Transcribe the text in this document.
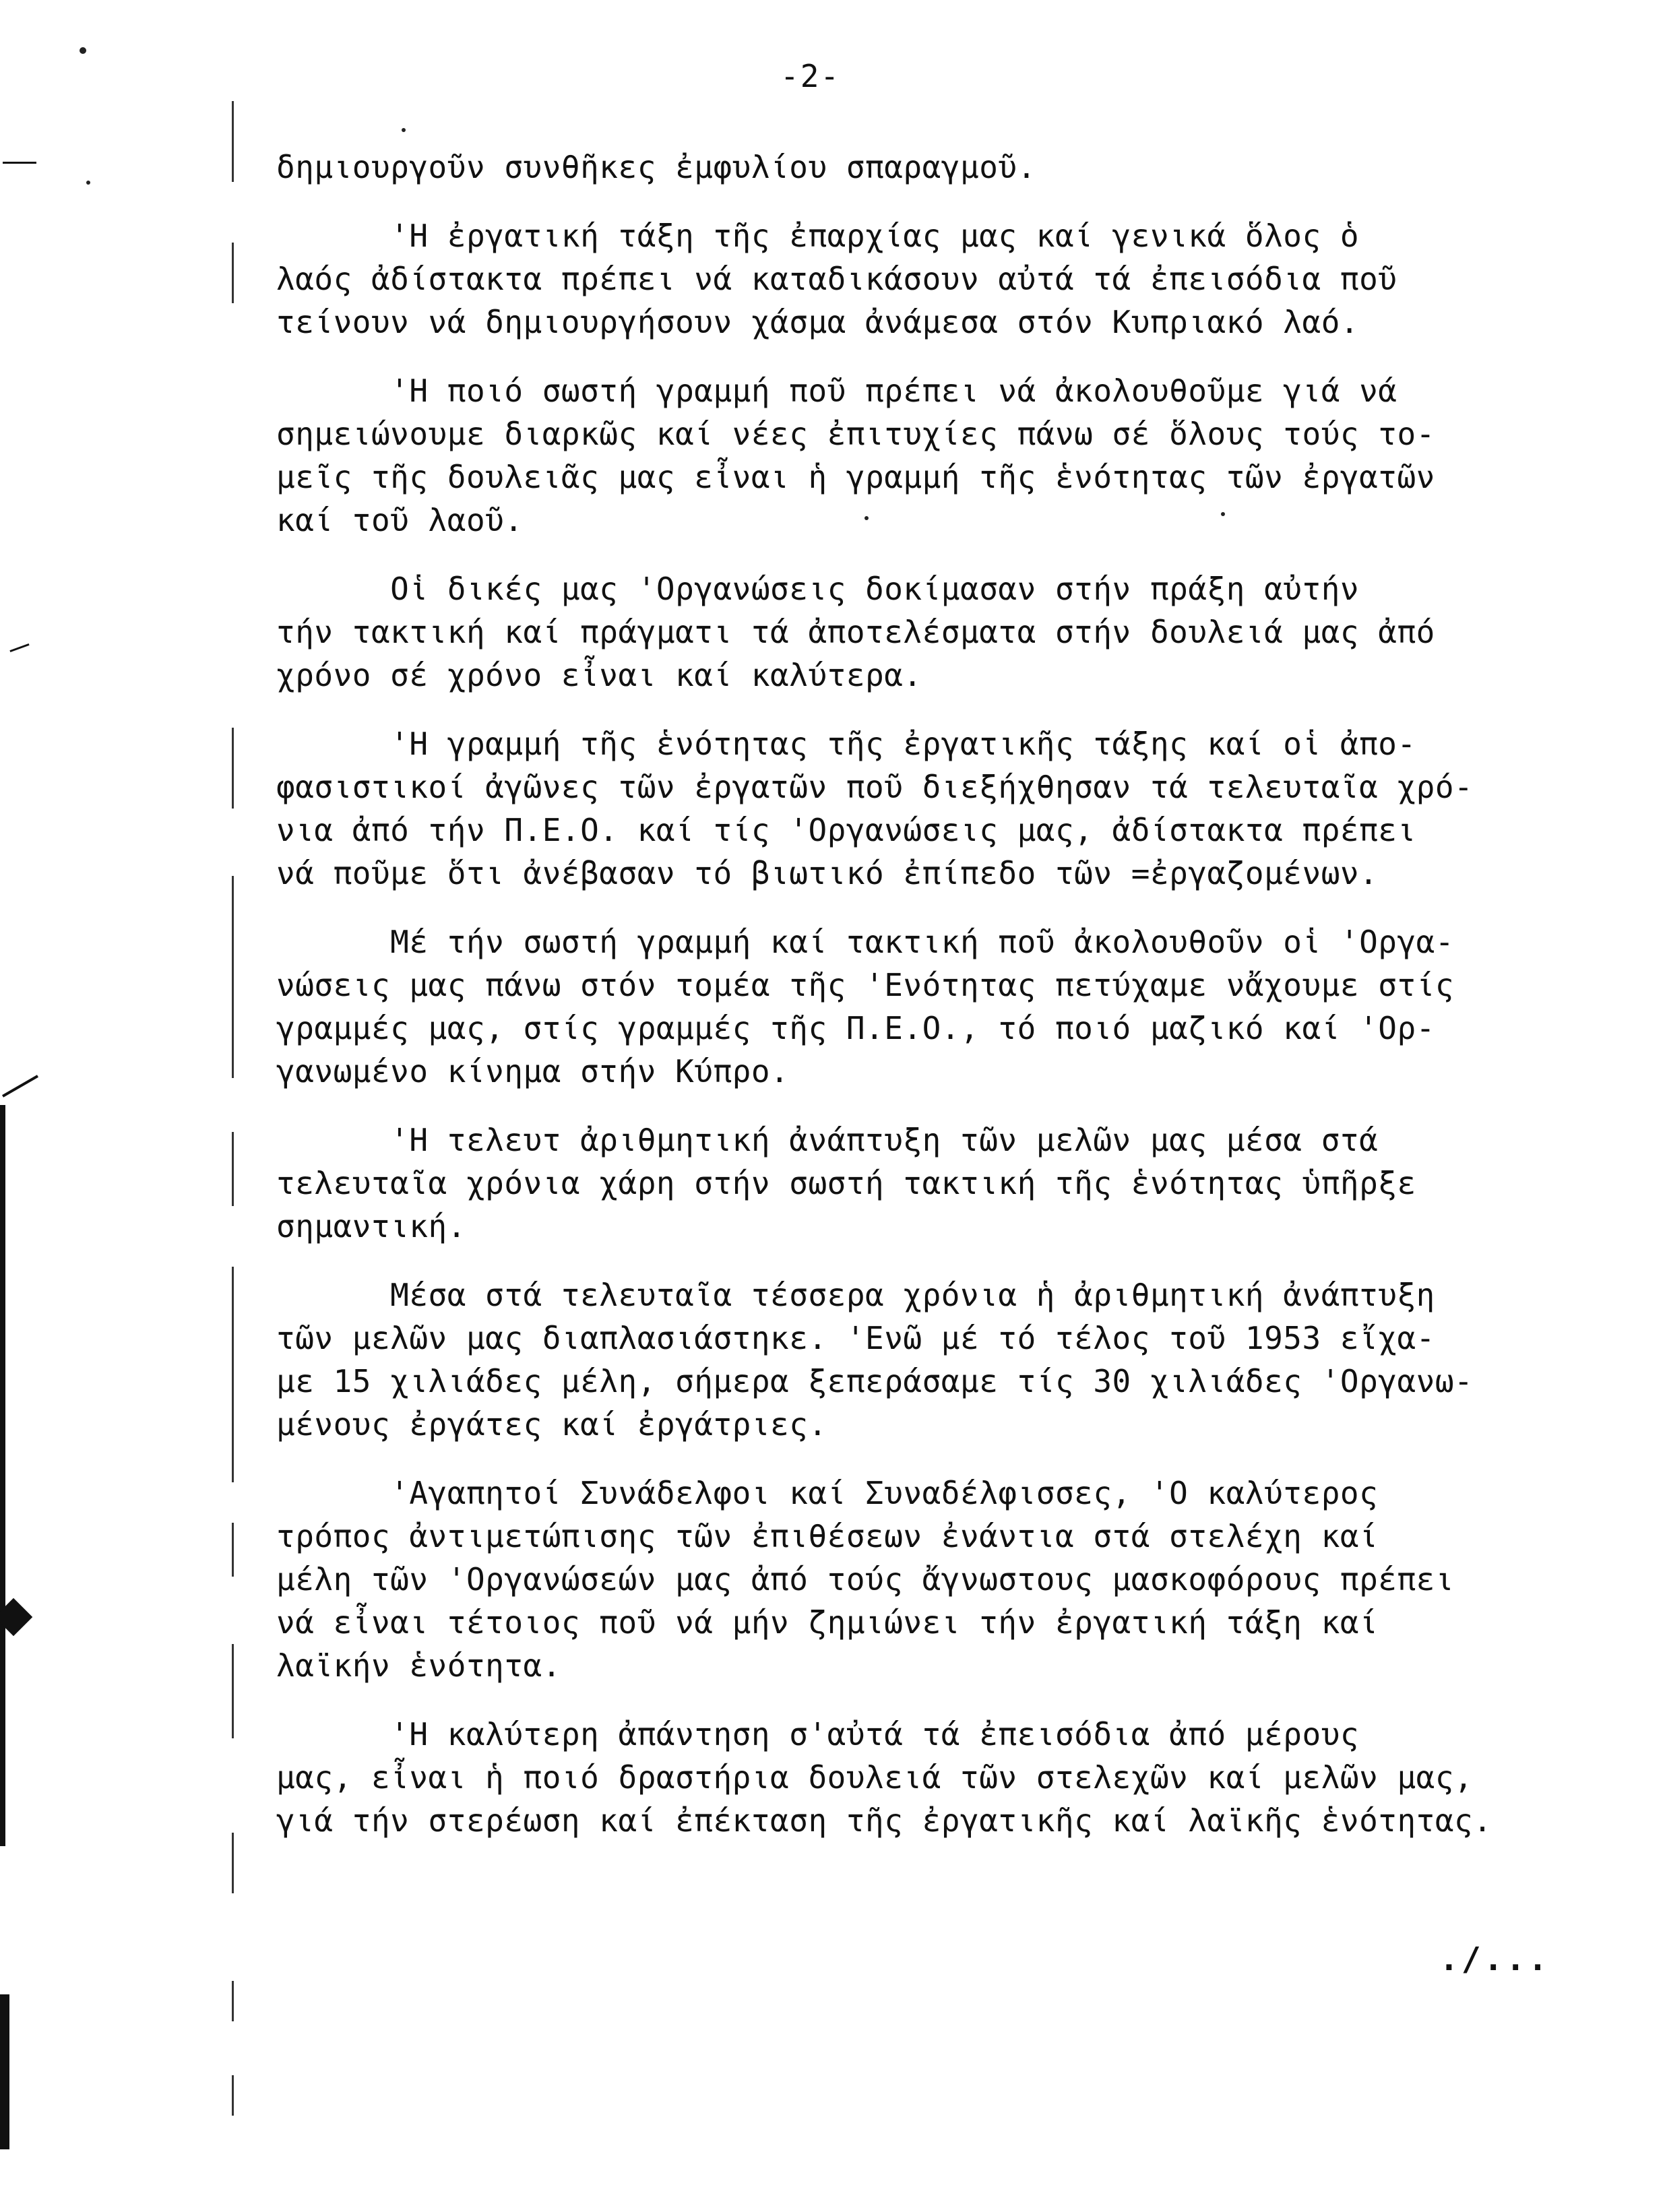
-2-
δημιουργοῦν συνθῆκες ἐμφυλίου σπαραγμοῦ.
'Η ἐργατική τάξη τῆς ἐπαρχίας μας καί γενικά ὅλος ὁ
λαός ἀδίστακτα πρέπει νά καταδικάσουν αὐτά τά ἐπεισόδια ποῦ
τείνουν νά δημιουργήσουν χάσμα ἀνάμεσα στόν Κυπριακό λαό.
'Η ποιό σωστή γραμμή ποῦ πρέπει νά ἀκολουθοῦμε γιά νά
σημειώνουμε διαρκῶς καί νέες ἐπιτυχίες πάνω σέ ὅλους τούς το-
μεῖς τῆς δουλειᾶς μας εἶναι ἡ γραμμή τῆς ἑνότητας τῶν ἐργατῶν
καί τοῦ λαοῦ.
Οἱ δικές μας 'Οργανώσεις δοκίμασαν στήν πράξη αὐτήν
τήν τακτική καί πράγματι τά ἀποτελέσματα στήν δουλειά μας ἀπό
χρόνο σέ χρόνο εἶναι καί καλύτερα.
'Η γραμμή τῆς ἑνότητας τῆς ἐργατικῆς τάξης καί οἱ ἀπο-
φασιστικοί ἀγῶνες τῶν ἐργατῶν ποῦ διεξήχθησαν τά τελευταῖα χρό-
νια ἀπό τήν Π.Ε.Ο. καί τίς 'Οργανώσεις μας, ἀδίστακτα πρέπει
νά ποῦμε ὅτι ἀνέβασαν τό βιωτικό ἐπίπεδο τῶν =ἐργαζομένων.
Μέ τήν σωστή γραμμή καί τακτική ποῦ ἀκολουθοῦν οἱ 'Οργα-
νώσεις μας πάνω στόν τομέα τῆς 'Ενότητας πετύχαμε νἄχουμε στίς
γραμμές μας, στίς γραμμές τῆς Π.Ε.Ο., τό ποιό μαζικό καί 'Ορ-
γανωμένο κίνημα στήν Κύπρο.
'Η τελευτ ἀριθμητική ἀνάπτυξη τῶν μελῶν μας μέσα στά
τελευταῖα χρόνια χάρη στήν σωστή τακτική τῆς ἑνότητας ὑπῆρξε
σημαντική.
Μέσα στά τελευταῖα τέσσερα χρόνια ἡ ἀριθμητική ἀνάπτυξη
τῶν μελῶν μας διαπλασιάστηκε. 'Ενῶ μέ τό τέλος τοῦ 1953 εἴχα-
με 15 χιλιάδες μέλη, σήμερα ξεπεράσαμε τίς 30 χιλιάδες 'Οργανω-
μένους ἐργάτες καί ἐργάτριες.
'Αγαπητοί Συνάδελφοι καί Συναδέλφισσες, 'Ο καλύτερος
τρόπος ἀντιμετώπισης τῶν ἐπιθέσεων ἐνάντια στά στελέχη καί
μέλη τῶν 'Οργανώσεών μας ἀπό τούς ἄγνωστους μασκοφόρους πρέπει
νά εἶναι τέτοιος ποῦ νά μήν ζημιώνει τήν ἐργατική τάξη καί
λαϊκήν ἑνότητα.
'Η καλύτερη ἀπάντηση σ'αὐτά τά ἐπεισόδια ἀπό μέρους
μας, εἶναι ἡ ποιό δραστήρια δουλειά τῶν στελεχῶν καί μελῶν μας,
γιά τήν στερέωση καί ἐπέκταση τῆς ἐργατικῆς καί λαϊκῆς ἑνότητας.
./...
